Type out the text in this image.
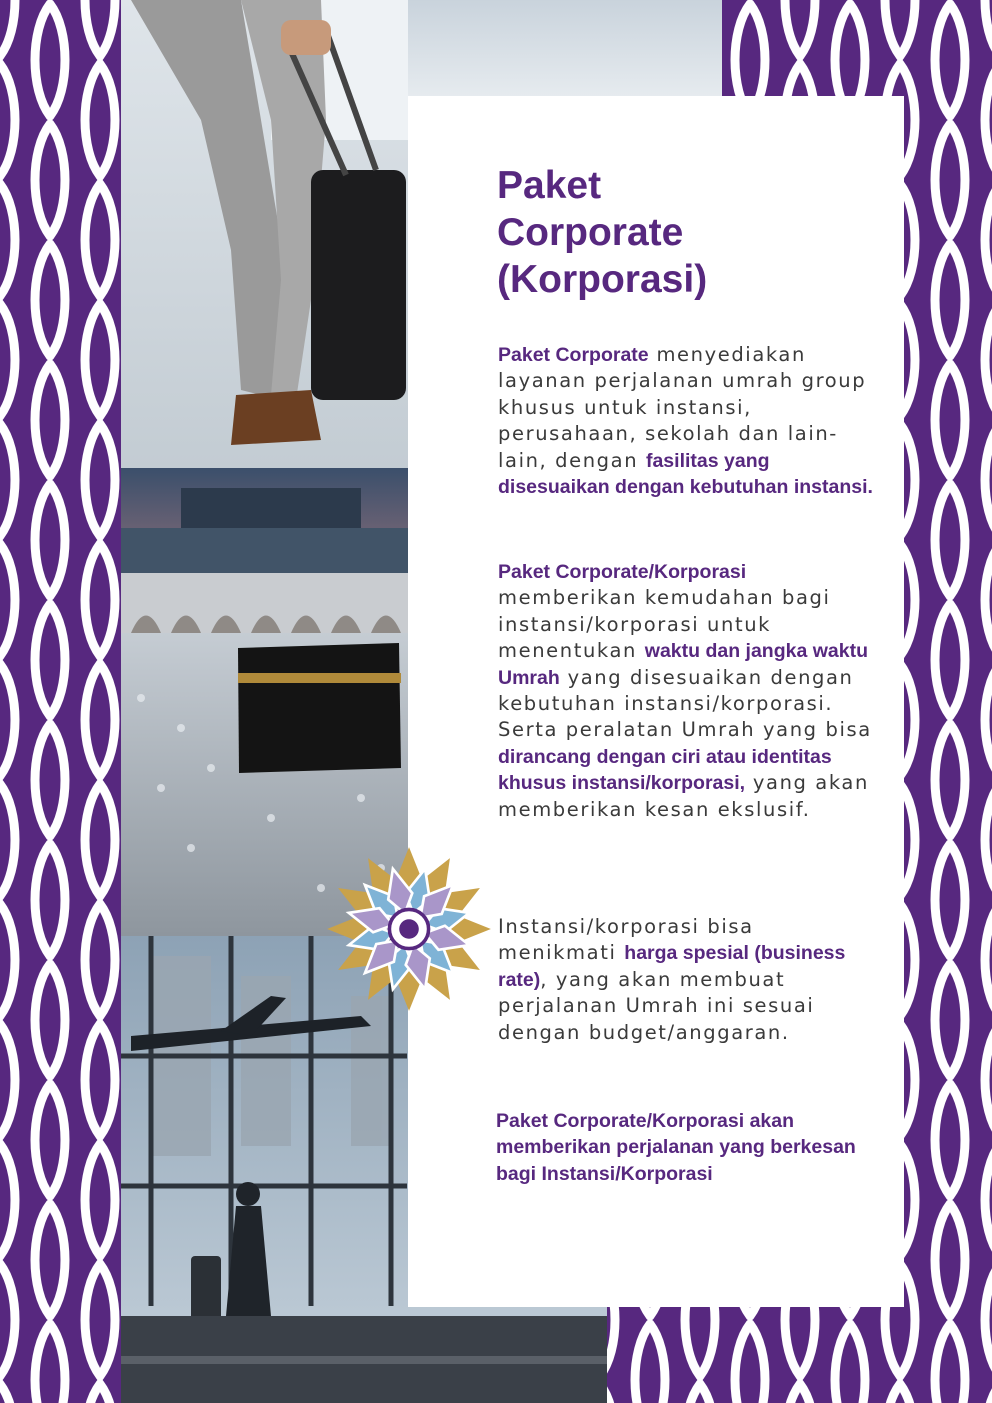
Paket
Corporate
(Korporasi)

Paket Corporate menyediakan layanan perjalanan umrah group khusus untuk instansi, perusahaan, sekolah dan lain-lain, dengan fasilitas yang disesuaikan dengan kebutuhan instansi.

Paket Corporate/Korporasi memberikan kemudahan bagi instansi/korporasi untuk menentukan waktu dan jangka waktu Umrah yang disesuaikan dengan kebutuhan instansi/korporasi. Serta peralatan Umrah yang bisa dirancang dengan ciri atau identitas khusus instansi/korporasi, yang akan memberikan kesan ekslusif.

Instansi/korporasi bisa menikmati harga spesial (business rate), yang akan membuat perjalanan Umrah ini sesuai dengan budget/anggaran.

Paket Corporate/Korporasi akan memberikan perjalanan yang berkesan bagi Instansi/Korporasi
